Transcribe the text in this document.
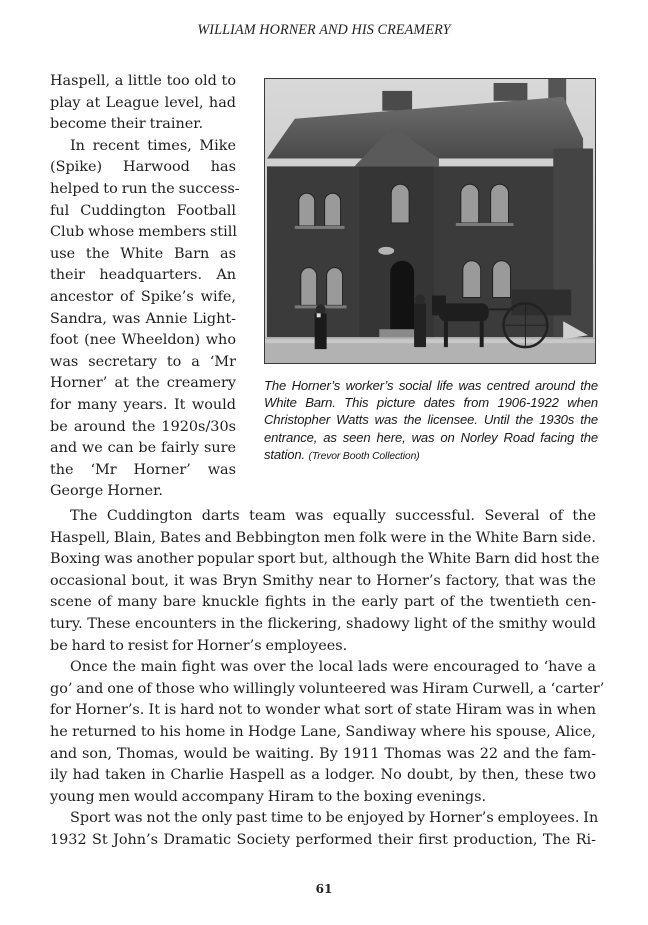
WILLIAM HORNER AND HIS CREAMERY
Haspell, a little too old to
play at League level, had
become their trainer.
In recent times, Mike
(Spike) Harwood has
helped to run the success-
ful Cuddington Football
Club whose members still
use the White Barn as
their headquarters. An
ancestor of Spike’s wife,
Sandra, was Annie Light-
foot (nee Wheeldon) who
was secretary to a ‘Mr
Horner’ at the creamery
for many years. It would
be around the 1920s/30s
and we can be fairly sure
the ‘Mr Horner’ was
George Horner.
The Horner’s worker’s social life was centred around the White Barn. This picture dates from 1906-1922 when Christopher Watts was the licensee. Until the 1930s the entrance, as seen here, was on Norley Road facing the station. (Trevor Booth Collection)
The Cuddington darts team was equally successful. Several of the
Haspell, Blain, Bates and Bebbington men folk were in the White Barn side.
Boxing was another popular sport but, although the White Barn did host the
occasional bout, it was Bryn Smithy near to Horner’s factory, that was the
scene of many bare knuckle fights in the early part of the twentieth cen-
tury. These encounters in the flickering, shadowy light of the smithy would
be hard to resist for Horner’s employees.
Once the main fight was over the local lads were encouraged to ‘have a
go’ and one of those who willingly volunteered was Hiram Curwell, a ‘carter’
for Horner’s. It is hard not to wonder what sort of state Hiram was in when
he returned to his home in Hodge Lane, Sandiway where his spouse, Alice,
and son, Thomas, would be waiting. By 1911 Thomas was 22 and the fam-
ily had taken in Charlie Haspell as a lodger. No doubt, by then, these two
young men would accompany Hiram to the boxing evenings.
Sport was not the only past time to be enjoyed by Horner’s employees. In
1932 St John’s Dramatic Society performed their first production, The Ri-
61
